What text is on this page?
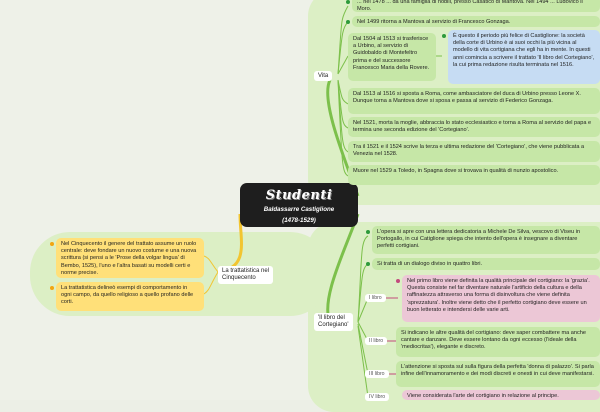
Studenti
Baldassarre Castiglione
(1478-1529)
Vita
... nel 1478 ... da una famiglia di nobili, presso Casatico di Mantova. Nel 1494 ... Ludovico il Moro.
Nel 1499 ritorna a Mantova al servizio di Francesco Gonzaga.
Dal 1504 al 1513 si trasferisce a Urbino, al servizio di Guidobaldo di Montefeltro prima e del successore Francesco Maria della Rovere.
È questo il periodo più felice di Castiglione: la società della corte di Urbino è ai suoi occhi la più vicina al modello di vita cortigiana che egli ha in mente. In questi anni comincia a scrivere il trattato 'Il libro del Cortegiano', la cui prima redazione risulta terminata nel 1516.
Dal 1513 al 1516 si sposta a Roma, come ambasciatore del duca di Urbino presso Leone X. Dunque torna a Mantova dove si sposa e passa al servizio di Federico Gonzaga.
Nel 1521, morta la moglie, abbraccia lo stato ecclesiastico e torna a Roma al servizio del papa e termina une seconda edizione del 'Cortegiano'.
Tra il 1521 e il 1524 scrive la terza e ultima redazione del 'Cortegiano', che viene pubblicata a Venezia nel 1528.
Muore nel 1529 a Toledo, in Spagna dove si trovava in qualità di nunzio apostolico.
La trattatistica nel
Cinquecento
Nel Cinquecento il genere del trattato assume un ruolo centrale: deve fondare un nuovo costume e una nuova scrittura (si pensi a le 'Prose della volgar lingua' di Bembo, 1525), l'uno e l'altra basati su modelli certi e norme precise.
La trattatistica delineò esempi di comportamento in ogni campo, da quello religioso a quello profano delle corti.
'Il libro del
Cortegiano'
L'opera si apre con una lettera dedicatoria a Michele De Silva, vescovo di Viseu in Portogallo, in cui Catiglione spiega che intento dell'opera è insegnare a diventare perfetti cortigiani.
Si tratta di un dialogo diviso in quattro libri.
I libro
Nel primo libro viene definita la qualità principale del cortigiano: la 'grazia'. Questa consiste nel far diventare naturale l'artificio della cultura e della raffinatezza attraverso una forma di disinvoltura che viene definita 'sprezzatura'. Inoltre viene detto che il perfetto cortigiano deve essere un buon letterato e intendersi delle varie arti.
II libro
Si indicano le altre qualità del cortigiano: deve saper combattere ma anche cantare e danzare. Deve essere lontano da ogni eccesso (l'ideale della 'mediocritas'), elegante e discreto.
III libro
L'attenzione si sposta sul sulla figura della perfetta 'donna di palazzo'. Si parla infine dell'innamoramento e dei modi discreti e onesti in cui deve manifestarsi.
IV libro	Viene considerata l'arte del cortigiano in relazione al principe.
